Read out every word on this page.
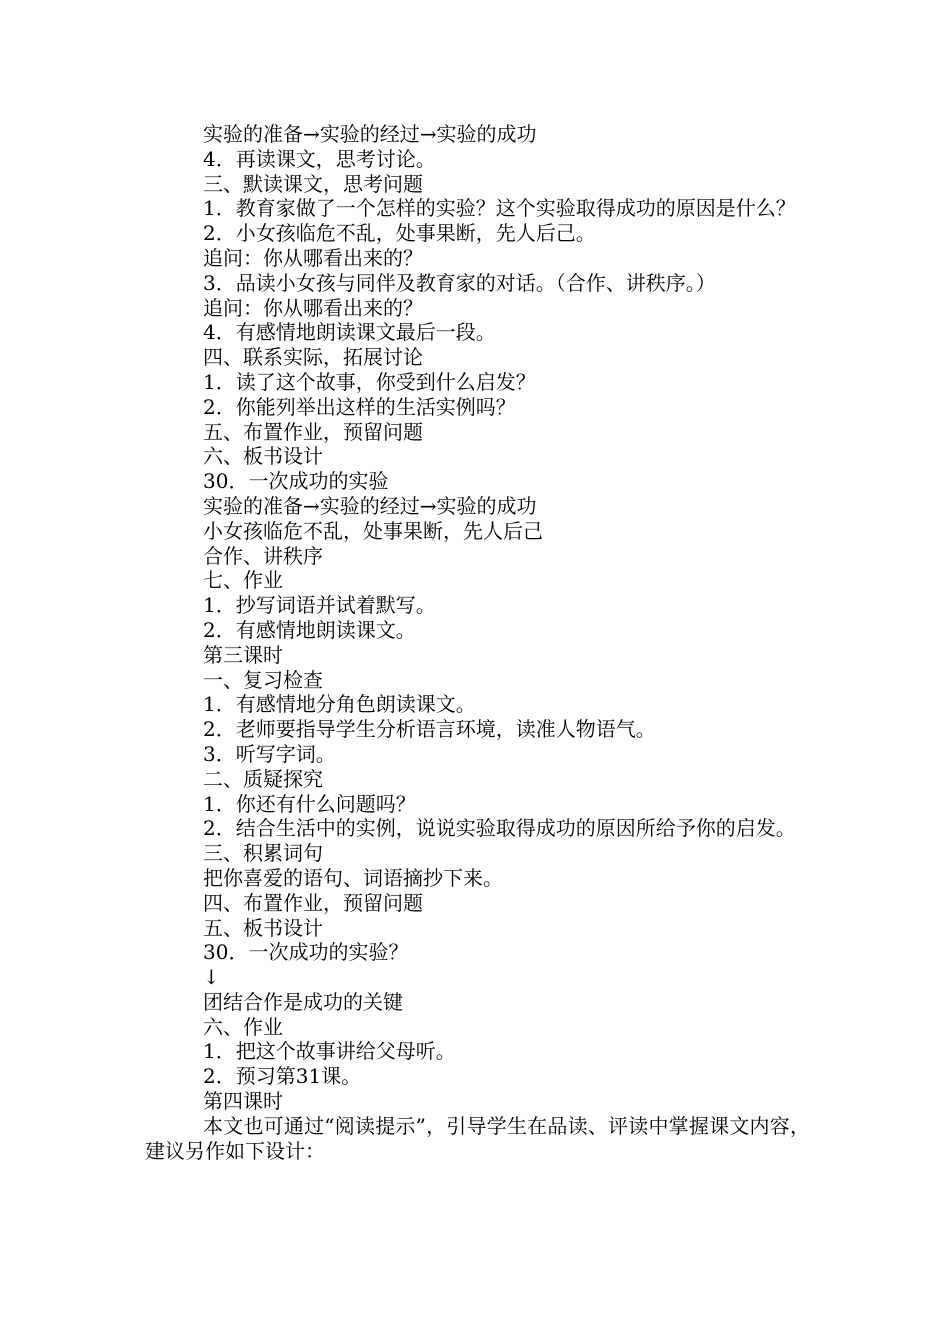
实验的准备→实验的经过→实验的成功

4．再读课文，思考讨论。

三、默读课文，思考问题

1．教育家做了一个怎样的实验？这个实验取得成功的原因是什么？

2．小女孩临危不乱，处事果断，先人后己。

追问：你从哪看出来的？

3．品读小女孩与同伴及教育家的对话。（合作、讲秩序。）

追问：你从哪看出来的？

4．有感情地朗读课文最后一段。

四、联系实际，拓展讨论

1．读了这个故事，你受到什么启发？

2．你能列举出这样的生活实例吗？

五、布置作业，预留问题

六、板书设计

30．一次成功的实验

实验的准备→实验的经过→实验的成功

小女孩临危不乱，处事果断，先人后己

合作、讲秩序

七、作业

1．抄写词语并试着默写。

2．有感情地朗读课文。

第三课时

一、复习检查

1．有感情地分角色朗读课文。

2．老师要指导学生分析语言环境，读准人物语气。

3．听写字词。

二、质疑探究

1．你还有什么问题吗？

2．结合生活中的实例，说说实验取得成功的原因所给予你的启发。

三、积累词句

把你喜爱的语句、词语摘抄下来。

四、布置作业，预留问题

五、板书设计

30．一次成功的实验？

↓

团结合作是成功的关键

六、作业

1．把这个故事讲给父母听。

2．预习第31课。

第四课时

本文也可通过“阅读提示”，引导学生在品读、评读中掌握课文内容，建议另作如下设计：
